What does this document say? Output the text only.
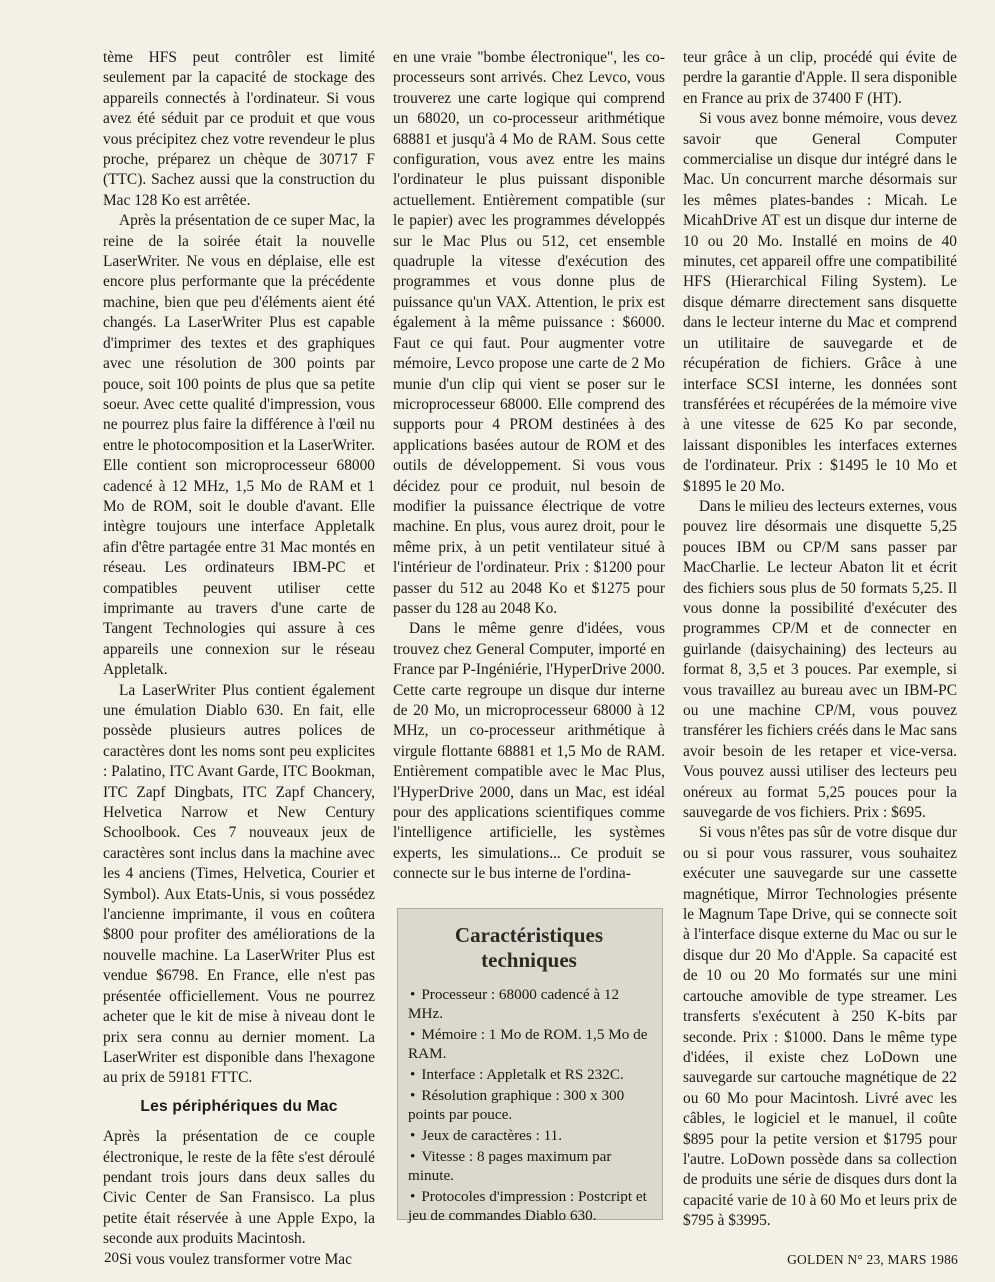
tème HFS peut contrôler est limité seulement par la capacité de stockage des appareils connectés à l'ordinateur. Si vous avez été séduit par ce produit et que vous vous précipitez chez votre revendeur le plus proche, préparez un chèque de 30717 F (TTC). Sachez aussi que la construction du Mac 128 Ko est arrêtée.

Après la présentation de ce super Mac, la reine de la soirée était la nouvelle LaserWriter. Ne vous en déplaise, elle est encore plus performante que la précédente machine, bien que peu d'éléments aient été changés. La LaserWriter Plus est capable d'imprimer des textes et des graphiques avec une résolution de 300 points par pouce, soit 100 points de plus que sa petite soeur. Avec cette qualité d'impression, vous ne pourrez plus faire la différence à l'œil nu entre le photocomposition et la LaserWriter. Elle contient son microprocesseur 68000 cadencé à 12 MHz, 1,5 Mo de RAM et 1 Mo de ROM, soit le double d'avant. Elle intègre toujours une interface Appletalk afin d'être partagée entre 31 Mac montés en réseau. Les ordinateurs IBM-PC et compatibles peuvent utiliser cette imprimante au travers d'une carte de Tangent Technologies qui assure à ces appareils une connexion sur le réseau Appletalk.

La LaserWriter Plus contient également une émulation Diablo 630. En fait, elle possède plusieurs autres polices de caractères dont les noms sont peu explicites : Palatino, ITC Avant Garde, ITC Bookman, ITC Zapf Dingbats, ITC Zapf Chancery, Helvetica Narrow et New Century Schoolbook. Ces 7 nouveaux jeux de caractères sont inclus dans la machine avec les 4 anciens (Times, Helvetica, Courier et Symbol). Aux Etats-Unis, si vous possédez l'ancienne imprimante, il vous en coûtera $800 pour profiter des améliorations de la nouvelle machine. La LaserWriter Plus est vendue $6798. En France, elle n'est pas présentée officiellement. Vous ne pourrez acheter que le kit de mise à niveau dont le prix sera connu au dernier moment. La LaserWriter est disponible dans l'hexagone au prix de 59181 FTTC.

Les périphériques du Mac

Après la présentation de ce couple électronique, le reste de la fête s'est déroulé pendant trois jours dans deux salles du Civic Center de San Fransisco. La plus petite était réservée à une Apple Expo, la seconde aux produits Macintosh.

Si vous voulez transformer votre Mac

en une vraie "bombe électronique", les co-processeurs sont arrivés. Chez Levco, vous trouverez une carte logique qui comprend un 68020, un co-processeur arithmétique 68881 et jusqu'à 4 Mo de RAM. Sous cette configuration, vous avez entre les mains l'ordinateur le plus puissant disponible actuellement. Entièrement compatible (sur le papier) avec les programmes développés sur le Mac Plus ou 512, cet ensemble quadruple la vitesse d'exécution des programmes et vous donne plus de puissance qu'un VAX. Attention, le prix est également à la même puissance : $6000. Faut ce qui faut. Pour augmenter votre mémoire, Levco propose une carte de 2 Mo munie d'un clip qui vient se poser sur le microprocesseur 68000. Elle comprend des supports pour 4 PROM destinées à des applications basées autour de ROM et des outils de développement. Si vous vous décidez pour ce produit, nul besoin de modifier la puissance électrique de votre machine. En plus, vous aurez droit, pour le même prix, à un petit ventilateur situé à l'intérieur de l'ordinateur. Prix : $1200 pour passer du 512 au 2048 Ko et $1275 pour passer du 128 au 2048 Ko.

Dans le même genre d'idées, vous trouvez chez General Computer, importé en France par P-Ingéniérie, l'HyperDrive 2000. Cette carte regroupe un disque dur interne de 20 Mo, un microprocesseur 68000 à 12 MHz, un co-processeur arithmétique à virgule flottante 68881 et 1,5 Mo de RAM. Entièrement compatible avec le Mac Plus, l'HyperDrive 2000, dans un Mac, est idéal pour des applications scientifiques comme l'intelligence artificielle, les systèmes experts, les simulations... Ce produit se connecte sur le bus interne de l'ordina-

teur grâce à un clip, procédé qui évite de perdre la garantie d'Apple. Il sera disponible en France au prix de 37400 F (HT).

Si vous avez bonne mémoire, vous devez savoir que General Computer commercialise un disque dur intégré dans le Mac. Un concurrent marche désormais sur les mêmes plates-bandes : Micah. Le MicahDrive AT est un disque dur interne de 10 ou 20 Mo. Installé en moins de 40 minutes, cet appareil offre une compatibilité HFS (Hierarchical Filing System). Le disque démarre directement sans disquette dans le lecteur interne du Mac et comprend un utilitaire de sauvegarde et de récupération de fichiers. Grâce à une interface SCSI interne, les données sont transférées et récupérées de la mémoire vive à une vitesse de 625 Ko par seconde, laissant disponibles les interfaces externes de l'ordinateur. Prix : $1495 le 10 Mo et $1895 le 20 Mo.

Dans le milieu des lecteurs externes, vous pouvez lire désormais une disquette 5,25 pouces IBM ou CP/M sans passer par MacCharlie. Le lecteur Abaton lit et écrit des fichiers sous plus de 50 formats 5,25. Il vous donne la possibilité d'exécuter des programmes CP/M et de connecter en guirlande (daisychaining) des lecteurs au format 8, 3,5 et 3 pouces. Par exemple, si vous travaillez au bureau avec un IBM-PC ou une machine CP/M, vous pouvez transférer les fichiers créés dans le Mac sans avoir besoin de les retaper et vice-versa. Vous pouvez aussi utiliser des lecteurs peu onéreux au format 5,25 pouces pour la sauvegarde de vos fichiers. Prix : $695.

Si vous n'êtes pas sûr de votre disque dur ou si pour vous rassurer, vous souhaitez exécuter une sauvegarde sur une cassette magnétique, Mirror Technologies présente le Magnum Tape Drive, qui se connecte soit à l'interface disque externe du Mac ou sur le disque dur 20 Mo d'Apple. Sa capacité est de 10 ou 20 Mo formatés sur une mini cartouche amovible de type streamer. Les transferts s'exécutent à 250 K-bits par seconde. Prix : $1000. Dans le même type d'idées, il existe chez LoDown une sauvegarde sur cartouche magnétique de 22 ou 60 Mo pour Macintosh. Livré avec les câbles, le logiciel et le manuel, il coûte $895 pour la petite version et $1795 pour l'autre. LoDown possède dans sa collection de produits une série de disques durs dont la capacité varie de 10 à 60 Mo et leurs prix de $795 à $3995.

Caractéristiques
techniques
• Processeur : 68000 cadencé à 12 MHz.
• Mémoire : 1 Mo de ROM. 1,5 Mo de RAM.
• Interface : Appletalk et RS 232C.
• Résolution graphique : 300 x 300 points par pouce.
• Jeux de caractères : 11.
• Vitesse : 8 pages maximum par minute.
• Protocoles d'impression : Postcript et jeu de commandes Diablo 630.
20	GOLDEN N° 23, MARS 1986
